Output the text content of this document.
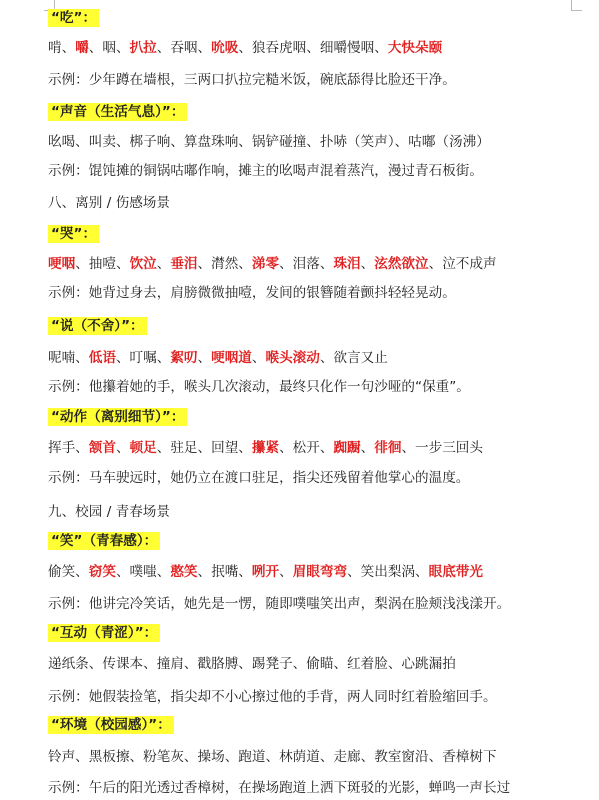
“吃”：
啃、嚼、咽、扒拉、吞咽、吮吸、狼吞虎咽、细嚼慢咽、大快朵颐
示例：少年蹲在墙根，三两口扒拉完糙米饭，碗底舔得比脸还干净。
“声音（生活气息）”：
吆喝、叫卖、梆子响、算盘珠响、锅铲碰撞、扑哧（笑声）、咕嘟（汤沸）
示例：馄饨摊的铜锅咕嘟作响，摊主的吆喝声混着蒸汽，漫过青石板街。
八、离别 / 伤感场景
“哭”：
哽咽、抽噎、饮泣、垂泪、潸然、涕零、泪落、珠泪、泫然欲泣、泣不成声
示例：她背过身去，肩膀微微抽噎，发间的银簪随着颤抖轻轻晃动。
“说（不舍）”：
呢喃、低语、叮嘱、絮叨、哽咽道、喉头滚动、欲言又止
示例：他攥着她的手，喉头几次滚动，最终只化作一句沙哑的“保重”。
“动作（离别细节）”：
挥手、颔首、顿足、驻足、回望、攥紧、松开、踟蹰、徘徊、一步三回头
示例：马车驶远时，她仍立在渡口驻足，指尖还残留着他掌心的温度。
九、校园 / 青春场景
“笑”（青春感）：
偷笑、窃笑、噗嗤、憨笑、抿嘴、咧开、眉眼弯弯、笑出梨涡、眼底带光
示例：他讲完冷笑话，她先是一愣，随即噗嗤笑出声，梨涡在脸颊浅浅漾开。
“互动（青涩）”：
递纸条、传课本、撞肩、戳胳膊、踢凳子、偷瞄、红着脸、心跳漏拍
示例：她假装捡笔，指尖却不小心擦过他的手背，两人同时红着脸缩回手。
“环境（校园感）”：
铃声、黑板擦、粉笔灰、操场、跑道、林荫道、走廊、教室窗沿、香樟树下
示例：午后的阳光透过香樟树，在操场跑道上洒下斑驳的光影，蝉鸣一声长过
